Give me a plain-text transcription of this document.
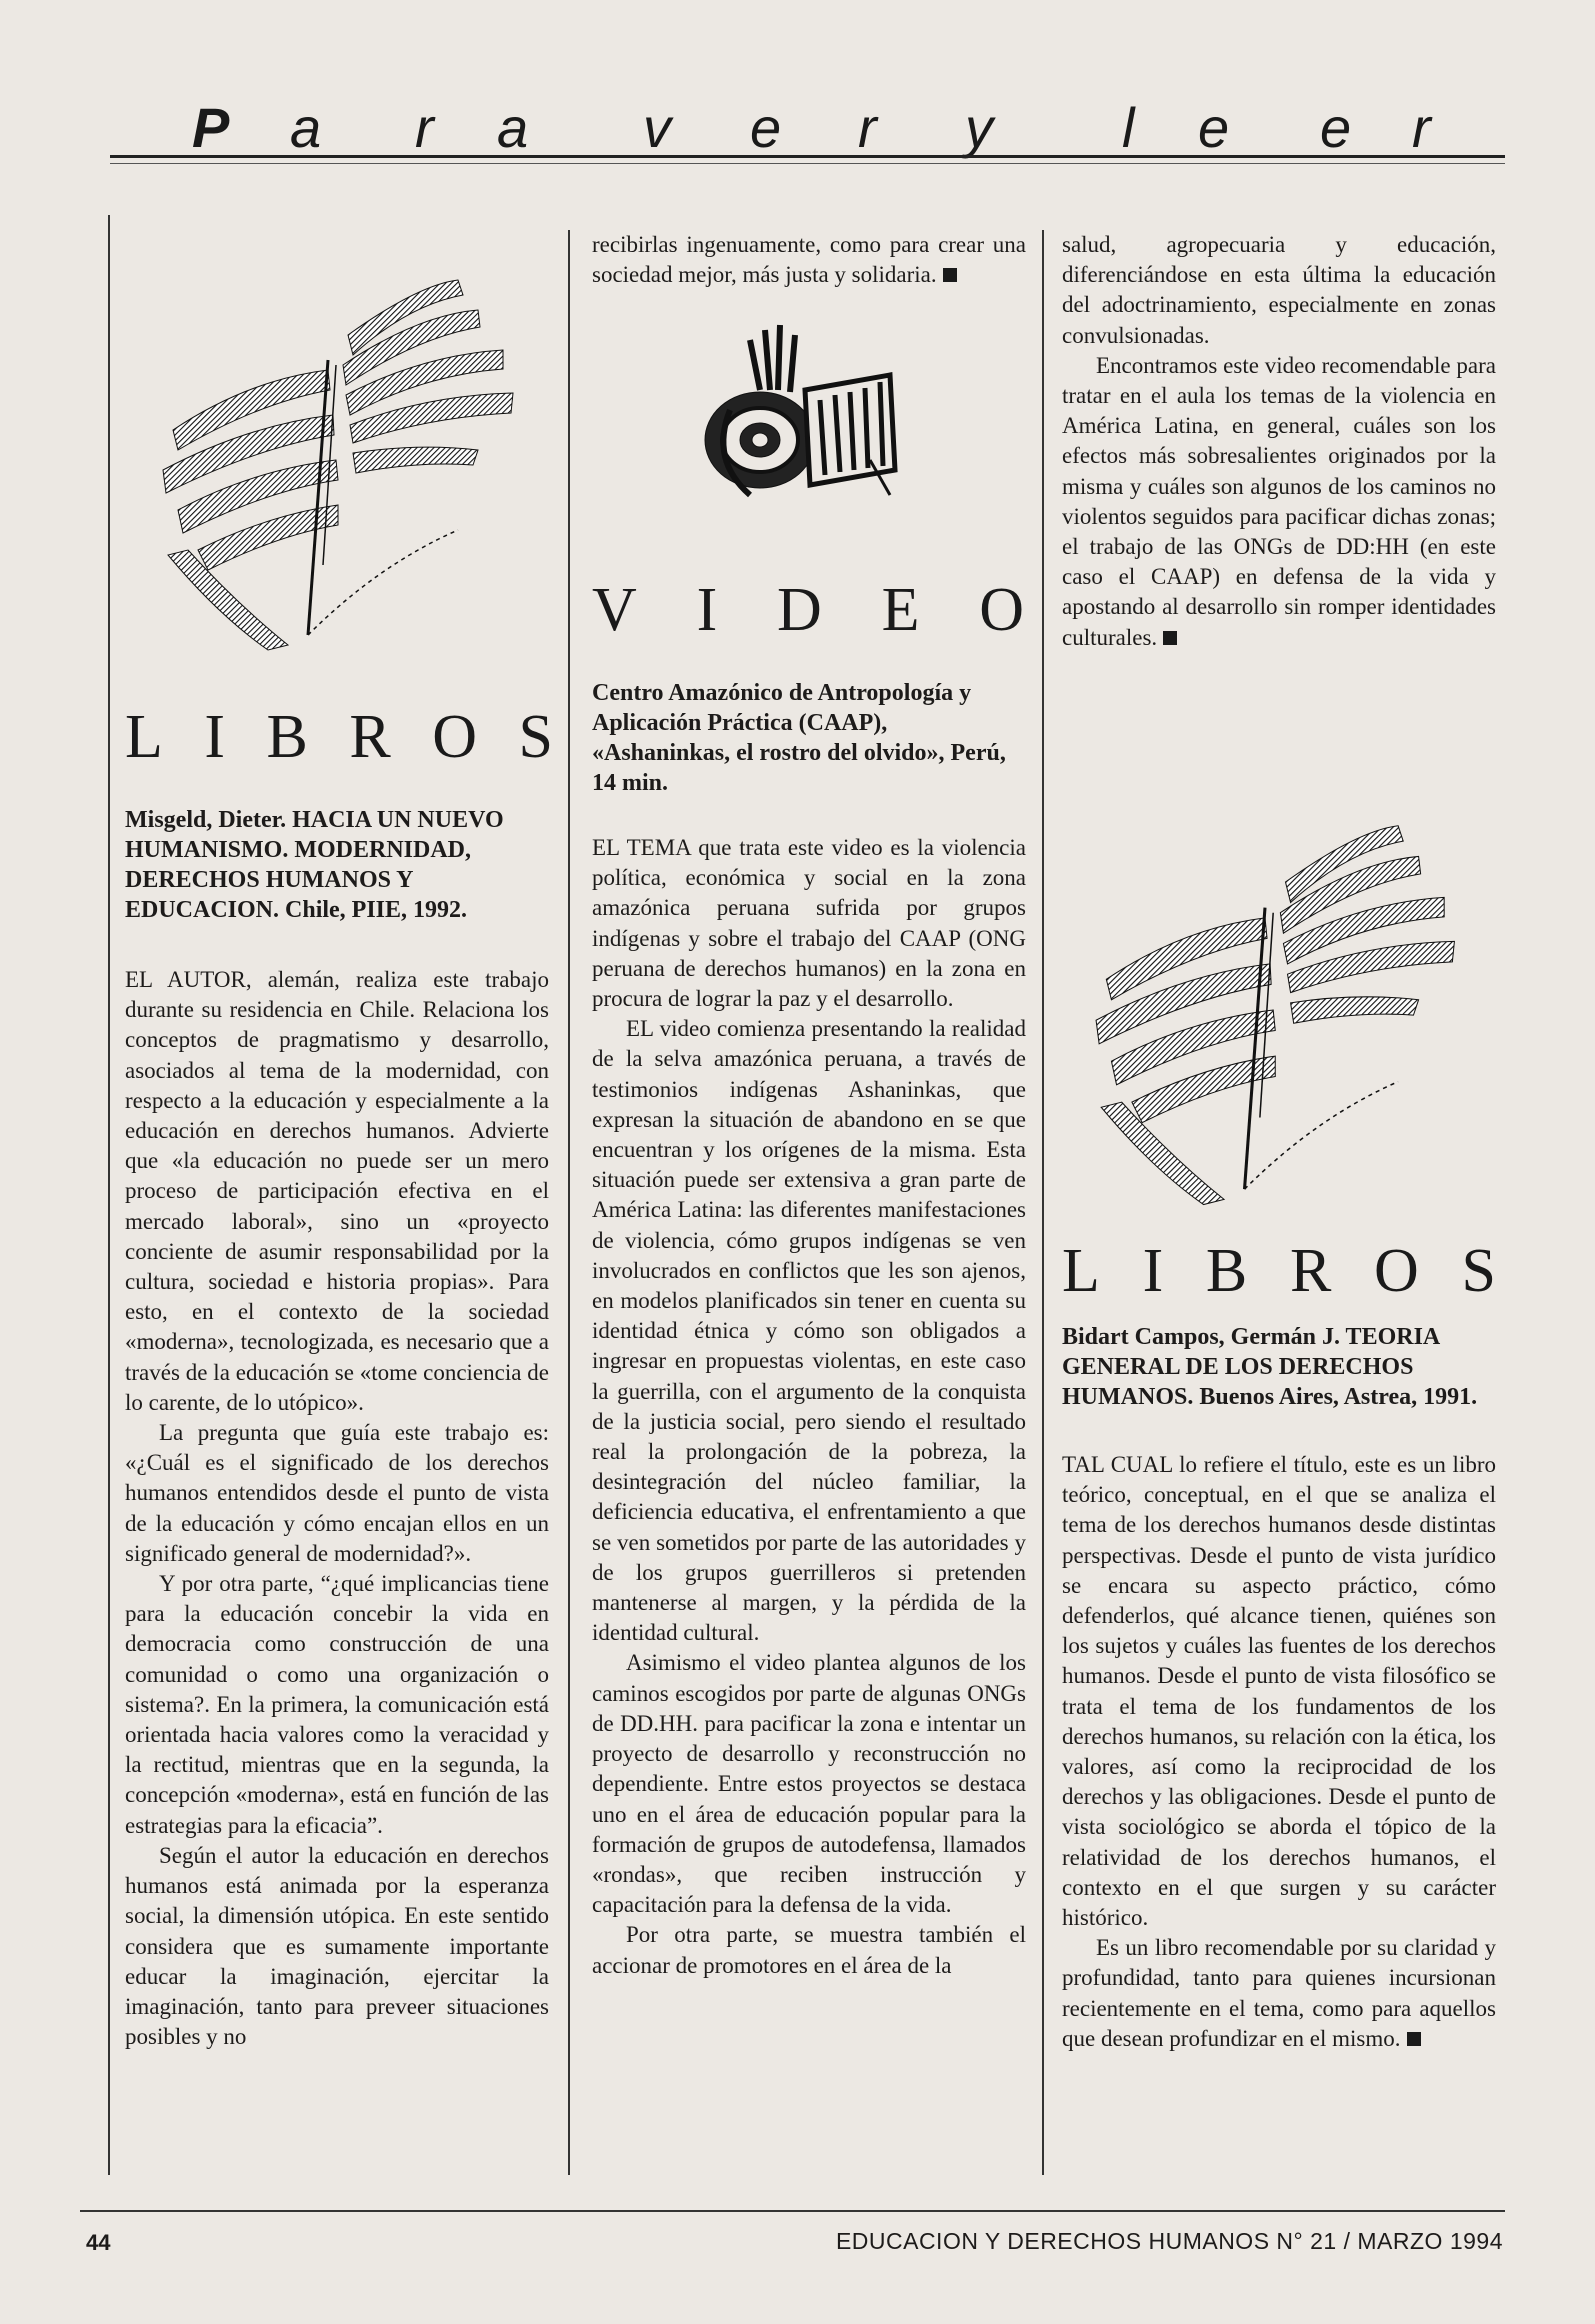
P a r a v e r y l e e r
L I B R O S

Misgeld, Dieter. HACIA UN NUEVO HUMANISMO. MODERNIDAD, DERECHOS HUMANOS Y EDUCACION. Chile, PIIE, 1992.

EL AUTOR, alemán, realiza este trabajo durante su residencia en Chile. Relaciona los conceptos de pragmatismo y desarrollo, asociados al tema de la modernidad, con respecto a la educación y especialmente a la educación en derechos humanos. Advierte que «la educación no puede ser un mero proceso de participación efectiva en el mercado laboral», sino un «proyecto conciente de asumir responsabilidad por la cultura, sociedad e historia propias». Para esto, en el contexto de la sociedad «moderna», tecnologizada, es necesario que a través de la educación se «tome conciencia de lo carente, de lo utópico».

La pregunta que guía este trabajo es: «¿Cuál es el significado de los derechos humanos entendidos desde el punto de vista de la educación y cómo encajan ellos en un significado general de modernidad?».

Y por otra parte, “¿qué implicancias tiene para la educación concebir la vida en democracia como construcción de una comunidad o como una organización o sistema?. En la primera, la comunicación está orientada hacia valores como la veracidad y la rectitud, mientras que en la segunda, la concepción «moderna», está en función de las estrategias para la eficacia”.

Según el autor la educación en derechos humanos está animada por la esperanza social, la dimensión utópica. En este sentido considera que es sumamente importante educar la imaginación, ejercitar la imaginación, tanto para preveer situaciones posibles y no

recibirlas ingenuamente, como para crear una sociedad mejor, más justa y solidaria.

V I D E O

Centro Amazónico de Antropología y Aplicación Práctica (CAAP), «Ashaninkas, el rostro del olvido», Perú, 14 min.

EL TEMA que trata este video es la violencia política, económica y social en la zona amazónica peruana sufrida por grupos indígenas y sobre el trabajo del CAAP (ONG peruana de derechos humanos) en la zona en procura de lograr la paz y el desarrollo.

EL video comienza presentando la realidad de la selva amazónica peruana, a través de testimonios indígenas Ashaninkas, que expresan la situación de abandono en se que encuentran y los orígenes de la misma. Esta situación puede ser extensiva a gran parte de América Latina: las diferentes manifestaciones de violencia, cómo grupos indígenas se ven involucrados en conflictos que les son ajenos, en modelos planificados sin tener en cuenta su identidad étnica y cómo son obligados a ingresar en propuestas violentas, en este caso la guerrilla, con el argumento de la conquista de la justicia social, pero siendo el resultado real la prolongación de la pobreza, la desintegración del núcleo familiar, la deficiencia educativa, el enfrentamiento a que se ven sometidos por parte de las autoridades y de los grupos guerrilleros si pretenden mantenerse al margen, y la pérdida de la identidad cultural.

Asimismo el video plantea algunos de los caminos escogidos por parte de algunas ONGs de DD.HH. para pacificar la zona e intentar un proyecto de desarrollo y reconstrucción no dependiente. Entre estos proyectos se destaca uno en el área de educación popular para la formación de grupos de autodefensa, llamados «rondas», que reciben instrucción y capacitación para la defensa de la vida.

Por otra parte, se muestra también el accionar de promotores en el área de la

salud, agropecuaria y educación, diferenciándose en esta última la educación del adoctrinamiento, especialmente en zonas convulsionadas.

Encontramos este video recomendable para tratar en el aula los temas de la violencia en América Latina, en general, cuáles son los efectos más sobresalientes originados por la misma y cuáles son algunos de los caminos no violentos seguidos para pacificar dichas zonas; el trabajo de las ONGs de DD:HH (en este caso el CAAP) en defensa de la vida y apostando al desarrollo sin romper identidades culturales.

L I B R O S

Bidart Campos, Germán J. TEORIA GENERAL DE LOS DERECHOS HUMANOS. Buenos Aires, Astrea, 1991.

TAL CUAL lo refiere el título, este es un libro teórico, conceptual, en el que se analiza el tema de los derechos humanos desde distintas perspectivas. Desde el punto de vista jurídico se encara su aspecto práctico, cómo defenderlos, qué alcance tienen, quiénes son los sujetos y cuáles las fuentes de los derechos humanos. Desde el punto de vista filosófico se trata el tema de los fundamentos de los derechos humanos, su relación con la ética, los valores, así como la reciprocidad de los derechos y las obligaciones. Desde el punto de vista sociológico se aborda el tópico de la relatividad de los derechos humanos, el contexto en el que surgen y su carácter histórico.

Es un libro recomendable por su claridad y profundidad, tanto para quienes incursionan recientemente en el tema, como para aquellos que desean profundizar en el mismo.

44	EDUCACION Y DERECHOS HUMANOS N° 21 / MARZO 1994
